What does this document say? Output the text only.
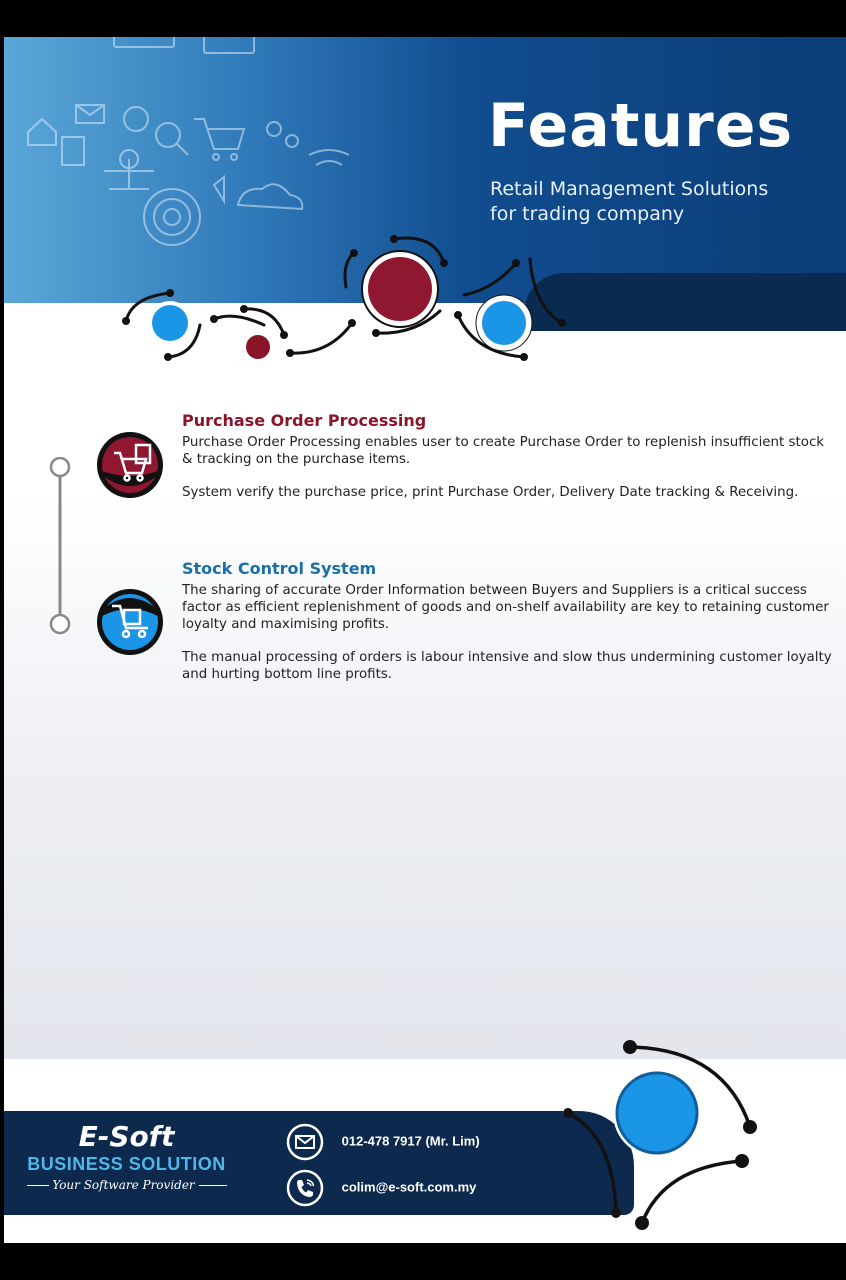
Features
Retail Management Solutions
for trading company
Purchase Order Processing

Purchase Order Processing enables user to create Purchase Order to replenish insufficient stock & tracking on the purchase items.

System verify the purchase price, print Purchase Order, Delivery Date tracking & Receiving.

Stock Control System

The sharing of accurate Order Information between Buyers and Suppliers is a critical success factor as efficient replenishment of goods and on-shelf availability are key to retaining customer loyalty and maximising profits.

The manual processing of orders is labour intensive and slow thus undermining customer loyalty and hurting bottom line profits.

E-Soft
BUSINESS SOLUTION
Your Software Provider
012-478 7917 (Mr. Lim)
colim@e-soft.com.my
